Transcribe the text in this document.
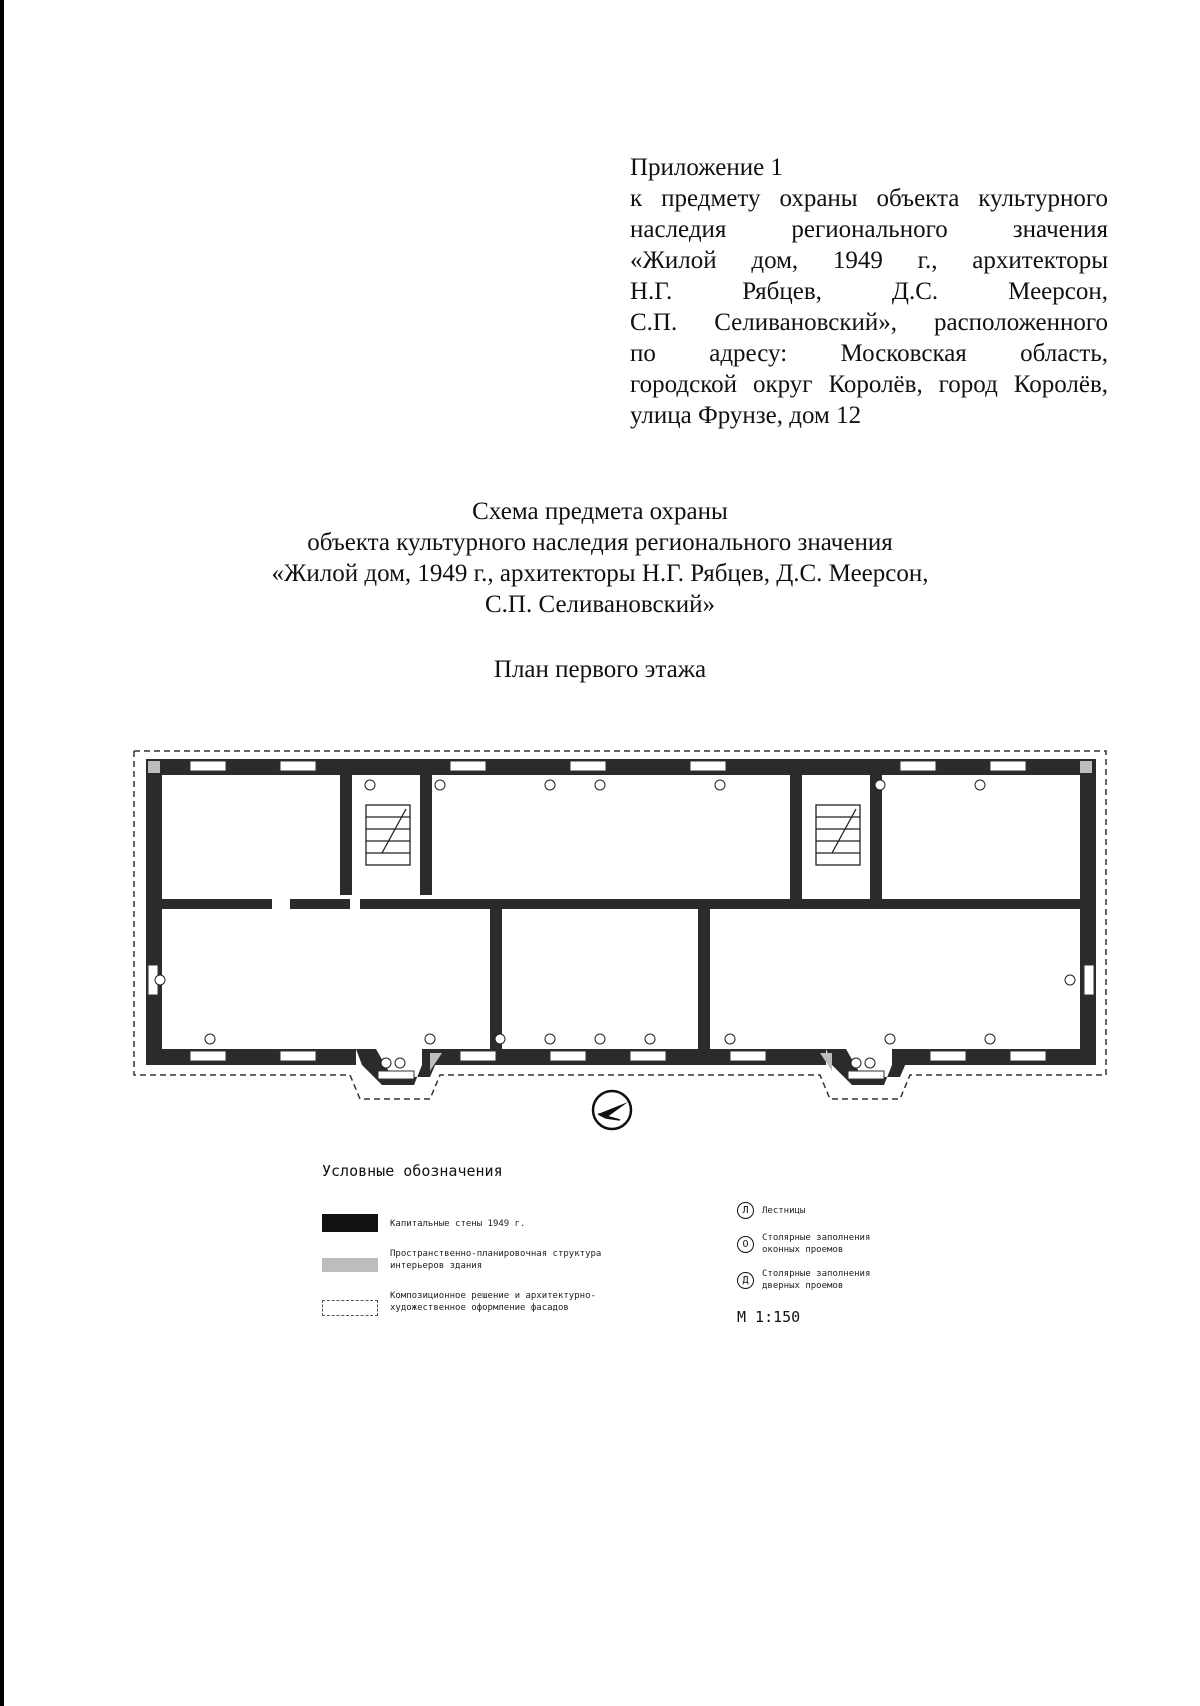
Приложение 1
к предмету охраны объекта культурного
наследия регионального значения
«Жилой дом, 1949 г., архитекторы
Н.Г. Рябцев, Д.С. Меерсон,
С.П. Селивановский», расположенного
по адресу: Московская область,
городской округ Королёв, город Королёв,
улица Фрунзе, дом 12
Схема предмета охраны
объекта культурного наследия регионального значения
«Жилой дом, 1949 г., архитекторы Н.Г. Рябцев, Д.С. Меерсон,
С.П. Селивановский»
План первого этажа
Условные обозначения
Капитальные стены 1949 г.
Пространственно-планировочная структура
интерьеров здания
Композиционное решение и архитектурно-
художественное оформление фасадов
Л	Лестницы
О
Столярные заполнения
оконных проемов
Д
Столярные заполнения
дверных проемов
М 1:150
